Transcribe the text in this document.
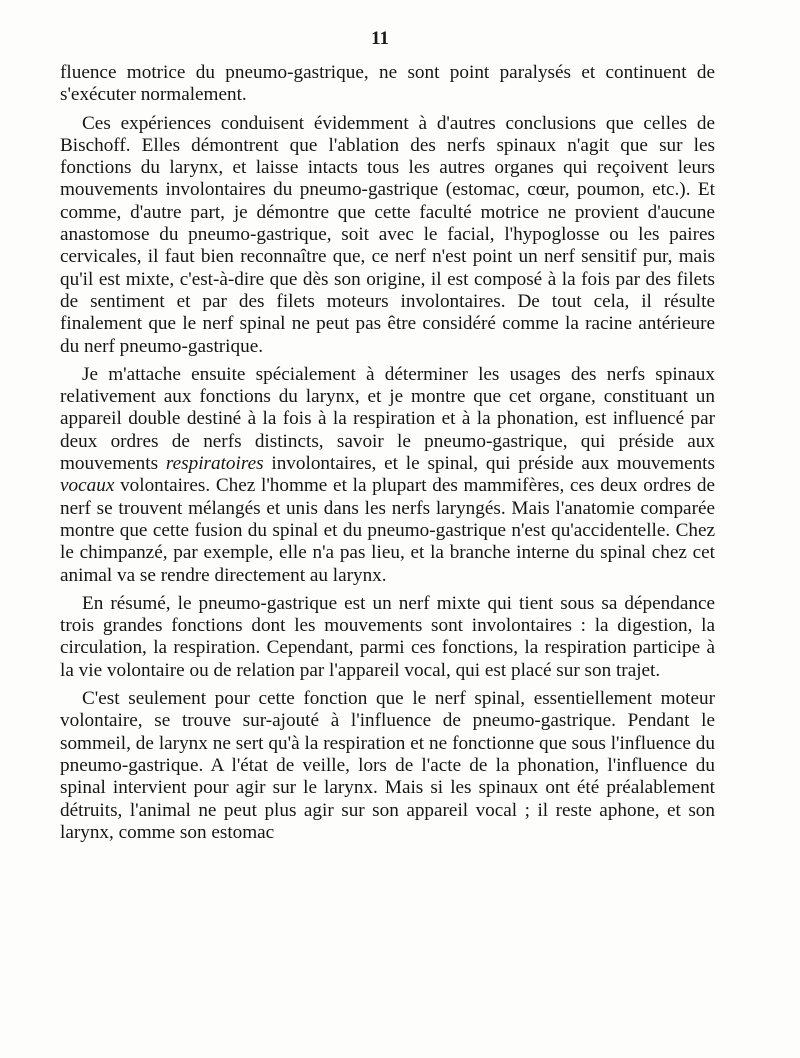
11

fluence motrice du pneumo-gastrique, ne sont point paralysés et continuent de s'exécuter normalement.

Ces expériences conduisent évidemment à d'autres conclusions que celles de Bischoff. Elles démontrent que l'ablation des nerfs spinaux n'agit que sur les fonctions du larynx, et laisse intacts tous les autres organes qui reçoivent leurs mouvements involontaires du pneumo-gastrique (estomac, cœur, poumon, etc.). Et comme, d'autre part, je démontre que cette faculté motrice ne provient d'aucune anastomose du pneumo-gastrique, soit avec le facial, l'hypoglosse ou les paires cervicales, il faut bien reconnaître que, ce nerf n'est point un nerf sensitif pur, mais qu'il est mixte, c'est-à-dire que dès son origine, il est composé à la fois par des filets de sentiment et par des filets moteurs involontaires. De tout cela, il résulte finalement que le nerf spinal ne peut pas être considéré comme la racine antérieure du nerf pneumo-gastrique.

Je m'attache ensuite spécialement à déterminer les usages des nerfs spinaux relativement aux fonctions du larynx, et je montre que cet organe, constituant un appareil double destiné à la fois à la respiration et à la phonation, est influencé par deux ordres de nerfs distincts, savoir le pneumo-gastrique, qui préside aux mouvements respiratoires involontaires, et le spinal, qui préside aux mouvements vocaux volontaires. Chez l'homme et la plupart des mammifères, ces deux ordres de nerf se trouvent mélangés et unis dans les nerfs laryngés. Mais l'anatomie comparée montre que cette fusion du spinal et du pneumo-gastrique n'est qu'accidentelle. Chez le chimpanzé, par exemple, elle n'a pas lieu, et la branche interne du spinal chez cet animal va se rendre directement au larynx.

En résumé, le pneumo-gastrique est un nerf mixte qui tient sous sa dépendance trois grandes fonctions dont les mouvements sont involontaires : la digestion, la circulation, la respiration. Cependant, parmi ces fonctions, la respiration participe à la vie volontaire ou de relation par l'appareil vocal, qui est placé sur son trajet.

C'est seulement pour cette fonction que le nerf spinal, essentiellement moteur volontaire, se trouve sur-ajouté à l'influence de pneumo-gastrique. Pendant le sommeil, de larynx ne sert qu'à la respiration et ne fonctionne que sous l'influence du pneumo-gastrique. A l'état de veille, lors de l'acte de la phonation, l'influence du spinal intervient pour agir sur le larynx. Mais si les spinaux ont été préalablement détruits, l'animal ne peut plus agir sur son appareil vocal ; il reste aphone, et son larynx, comme son estomac
